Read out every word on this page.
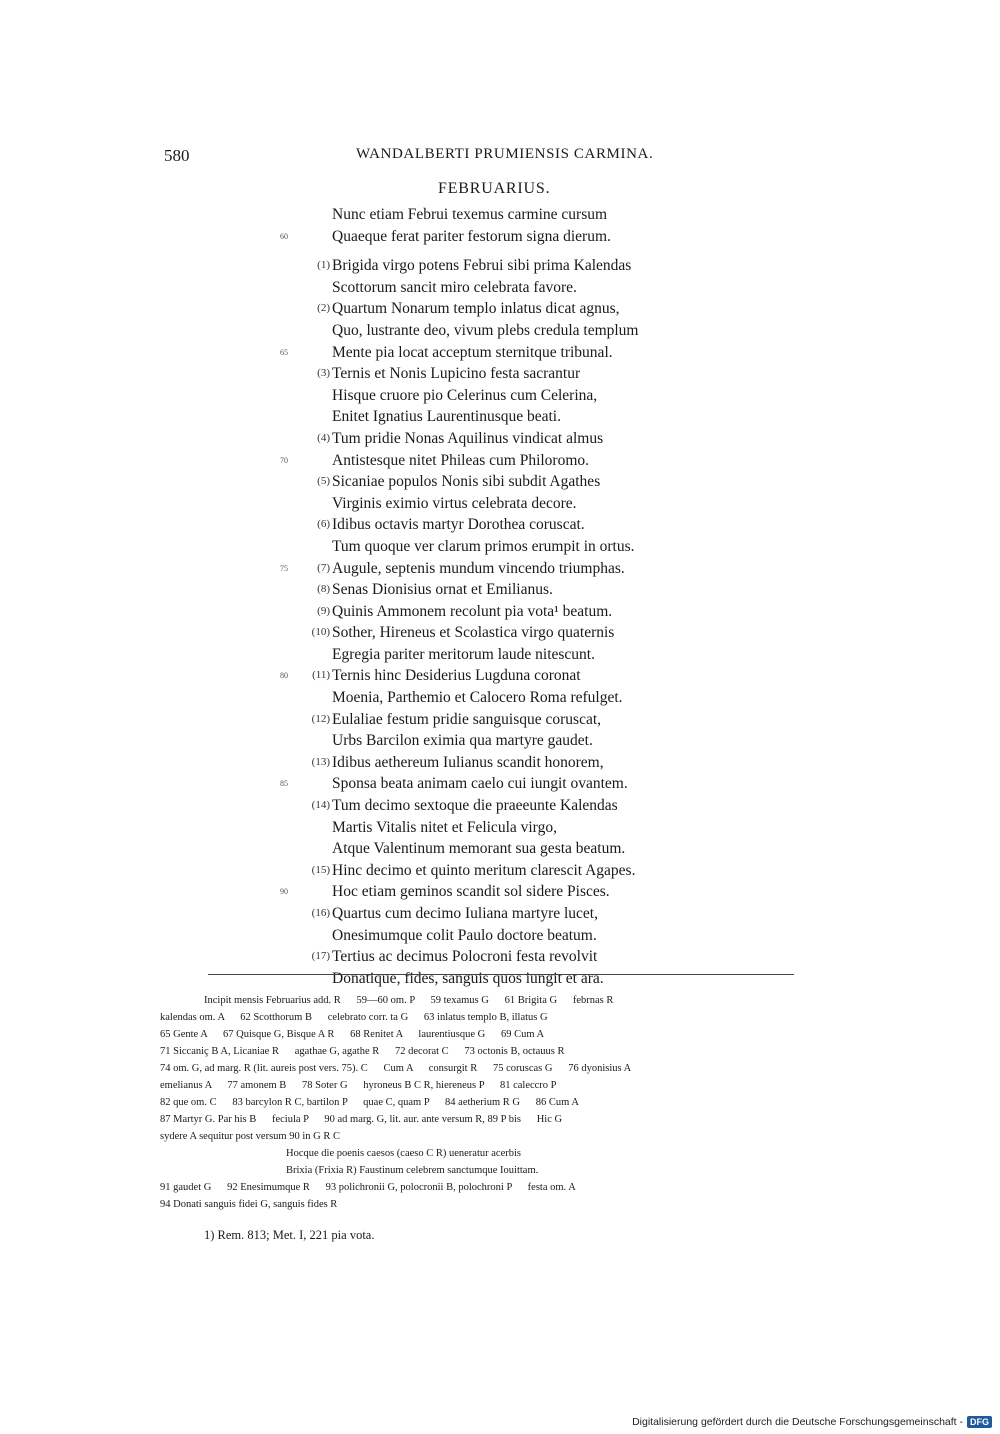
580	WANDALBERTI PRUMIENSIS CARMINA.
FEBRUARIUS.
Nunc etiam Februi texemus carmine cursum
60	Quaeque ferat pariter festorum signa dierum.
(1) Brigida virgo potens Februi sibi prima Kalendas
Scottorum sancit miro celebrata favore.
(2) Quartum Nonarum templo inlatus dicat agnus,
Quo, lustrante deo, vivum plebs credula templum
65	Mente pia locat acceptum sternitque tribunal.
(3) Ternis et Nonis Lupicino festa sacrantur
Hisque cruore pio Celerinus cum Celerina,
Enitet Ignatius Laurentinusque beati.
(4) Tum pridie Nonas Aquilinus vindicat almus
70	Antistesque nitet Phileas cum Philoromo.
(5) Sicaniae populos Nonis sibi subdit Agathes
Virginis eximio virtus celebrata decore.
(6) Idibus octavis martyr Dorothea coruscat.
Tum quoque ver clarum primos erumpit in ortus.
75	(7) Augule, septenis mundum vincendo triumphas.
(8) Senas Dionisius ornat et Emilianus.
(9) Quinis Ammonem recolunt pia vota¹ beatum.
(10) Sother, Hireneus et Scolastica virgo quaternis
Egregia pariter meritorum laude nitescunt.
80	(11) Ternis hinc Desiderius Lugduna coronat
Moenia, Parthemio et Calocero Roma refulget.
(12) Eulaliae festum pridie sanguisque coruscat,
Urbs Barcilon eximia qua martyre gaudet.
(13) Idibus aethereum Iulianus scandit honorem,
85	Sponsa beata animam caelo cui iungit ovantem.
(14) Tum decimo sextoque die praeeunte Kalendas
Martis Vitalis nitet et Felicula virgo,
Atque Valentinum memorant sua gesta beatum.
(15) Hinc decimo et quinto meritum clarescit Agapes.
90	Hoc etiam geminos scandit sol sidere Pisces.
(16) Quartus cum decimo Iuliana martyre lucet,
Onesimumque colit Paulo doctore beatum.
(17) Tertius ac decimus Polocroni festa revolvit
Donatique, fides, sanguis quos iungit et ara.
Incipit mensis Februarius add. R      59—60 om. P      59 texamus G      61 Brigita G      febrnas R
kalendas om. A      62 Scotthorum B      celebrato corr. ta G      63 inlatus templo B, illatus G
65 Gente A      67 Quisque G, Bisque A R      68 Renitet A      laurentiusque G      69 Cum A
71 Siccaniç B A, Licaniae R      agathae G, agathe R      72 decorat C      73 octonis B, octauus R
74 om. G, ad marg. R (lit. aureis post vers. 75). C      Cum A      consurgit R      75 coruscas G      76 dyonisius A
emelianus A      77 amonem B      78 Soter G      hyroneus B C R, hiereneus P      81 caleccro P
82 que om. C      83 barcylon R C, bartilon P      quae C, quam P      84 aetherium R G      86 Cum A
87 Martyr G. Par his B      feciula P      90 ad marg. G, lit. aur. ante versum R, 89 P bis      Hic G
sydere A sequitur post versum 90 in G R C
Hocque die poenis caesos (caeso C R) ueneratur acerbis
Brixia (Frixia R) Faustinum celebrem sanctumque Iouittam.
91 gaudet G      92 Enesimumque R      93 polichronii G, polocronii B, polochroni P      festa om. A
94 Donati sanguis fidei G, sanguis fides R
1) Rem. 813; Met. I, 221 pia vota.
Digitalisierung gefördert durch die Deutsche Forschungsgemeinschaft - DFG
